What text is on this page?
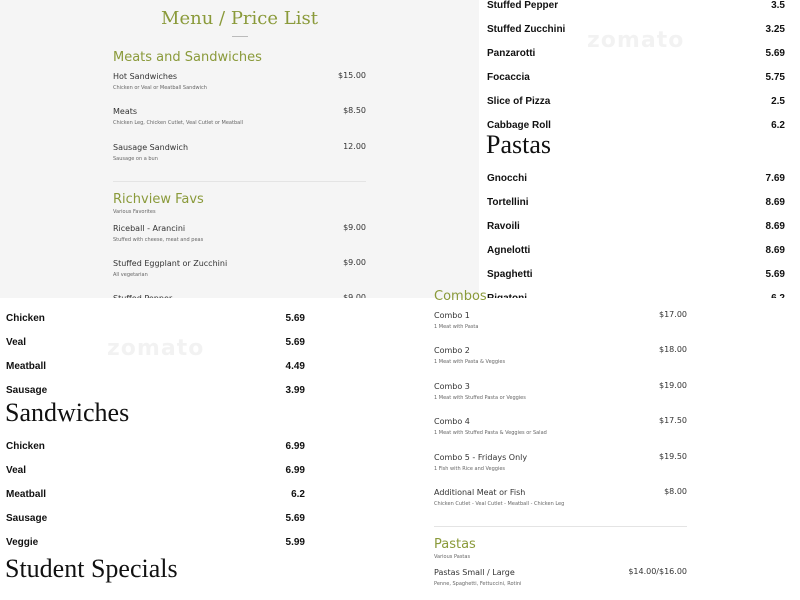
Menu / Price List
Meats and Sandwiches
Hot Sandwiches
Chicken or Veal or Meatball Sandwich
$15.00
Meats
Chicken Leg, Chicken Cutlet, Veal Cutlet or Meatball
$8.50
Sausage Sandwich
Sausage on a bun
12.00
Richview Favs
Various Favorites
Riceball - Arancini
Stuffed with cheese, meat and peas
$9.00
Stuffed Eggplant or Zucchini
All vegetarian
$9.00
zomato
Stuffed Pepper	3.5
Stuffed Zucchini	3.25
Panzarotti	5.69
Focaccia	5.75
Slice of Pizza	2.5
Cabbage Roll	6.2
Pastas
Gnocchi	7.69
Tortellini	8.69
Ravoili	8.69
Agnelotti	8.69
Spaghetti	5.69
zomato
Chicken	5.69
Veal	5.69
Meatball	4.49
Sausage	3.99
Sandwiches
Chicken	6.99
Veal	6.99
Meatball	6.2
Sausage	5.69
Veggie	5.99
Student Specials
Combos
Combo 1
1 Meat with Pasta
$17.00
Combo 2
1 Meat with Pasta & Veggies
$18.00
Combo 3
1 Meat with Stuffed Pasta or Veggies
$19.00
Combo 4
1 Meat with Stuffed Pasta & Veggies or Salad
$17.50
Combo 5 - Fridays Only
1 Fish with Rice and Veggies
$19.50
Additional Meat or Fish
Chicken Cutlet - Veal Cutlet - Meatball - Chicken Leg
$8.00
Pastas
Various Pastas
Pastas Small / Large
Penne, Spaghetti, Fettuccini, Rotini
$14.00/$16.00
